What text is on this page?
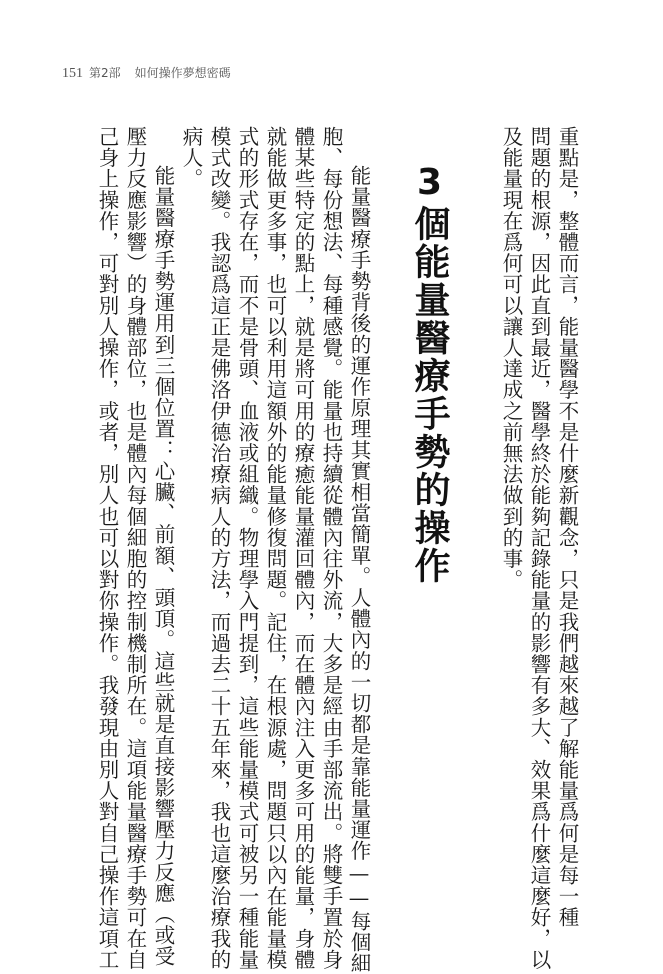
151 第2部 如何操作夢想密碼
重點是，整體而言，能量醫學不是什麼新觀念，只是我們越來越了解能量爲何是每一種
問題的根源，因此直到最近，醫學終於能夠記錄能量的影響有多大、效果爲什麼這麼好，以
及能量現在爲何可以讓人達成之前無法做到的事。
3個能量醫療手勢的操作
能量醫療手勢背後的運作原理其實相當簡單。人體內的一切都是靠能量運作——每個細
胞、每份想法、每種感覺。能量也持續從體內往外流，大多是經由手部流出。將雙手置於身
體某些特定的點上，就是將可用的療癒能量灌回體內，而在體內注入更多可用的能量，身體
就能做更多事，也可以利用這額外的能量修復問題。記住，在根源處，問題只以內在能量模
式的形式存在，而不是骨頭、血液或組織。物理學入門提到，這些能量模式可被另一種能量
模式改變。我認爲這正是佛洛伊德治療病人的方法，而過去二十五年來，我也這麼治療我的
病人。
能量醫療手勢運用到三個位置：心臟、前額、頭頂。這些就是直接影響壓力反應（或受
壓力反應影響）的身體部位，也是體內每個細胞的控制機制所在。這項能量醫療手勢可在自
己身上操作，可對別人操作，或者，別人也可以對你操作。我發現由別人對自己操作這項工
